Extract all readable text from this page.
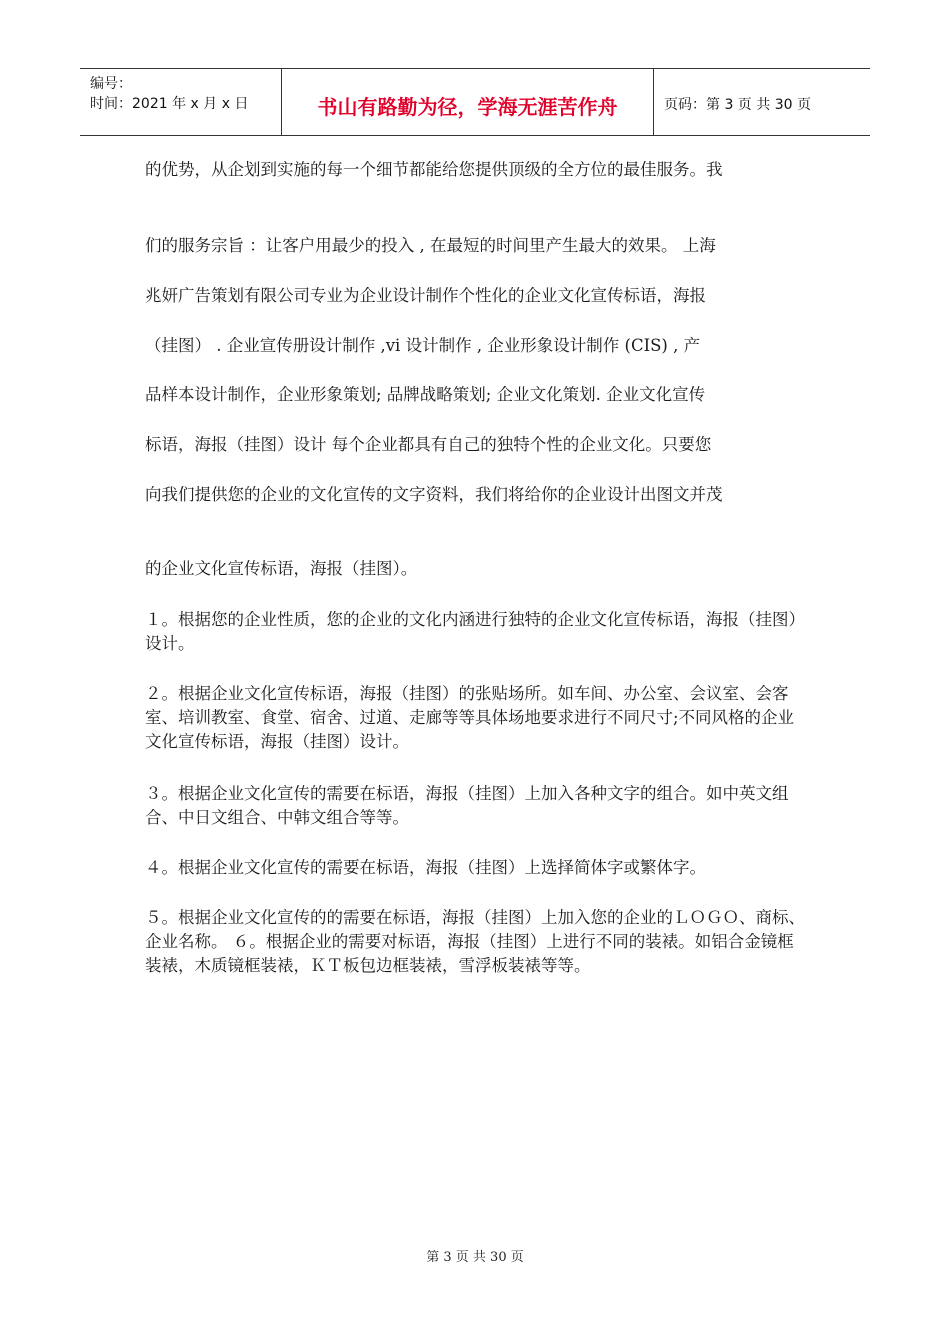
编号：
时间：2021 年 x 月 x 日	书山有路勤为径，学海无涯苦作舟	页码：第 3 页 共 30 页

的优势，从企划到实施的每一个细节都能给您提供顶级的全方位的最佳服务。我

们的服务宗旨 ：让客户用最少的投入 , 在最短的时间里产生最大的效果。 上海

兆妍广告策划有限公司专业为企业设计制作个性化的企业文化宣传标语，海报

（挂图） . 企业宣传册设计制作 ,vi 设计制作 , 企业形象设计制作 (CIS) , 产

品样本设计制作，企业形象策划; 品牌战略策划; 企业文化策划. 企业文化宣传

标语，海报（挂图）设计 每个企业都具有自己的独特个性的企业文化。只要您

向我们提供您的企业的文化宣传的文字资料，我们将给你的企业设计出图文并茂

的企业文化宣传标语，海报（挂图）。

１。根据您的企业性质，您的企业的文化内涵进行独特的企业文化宣传标语，海报（挂图）设计。

２。根据企业文化宣传标语，海报（挂图）的张贴场所。如车间、办公室、会议室、会客室、培训教室、食堂、宿舍、过道、走廊等等具体场地要求进行不同尺寸;不同风格的企业文化宣传标语，海报（挂图）设计。

３。根据企业文化宣传的需要在标语，海报（挂图）上加入各种文字的组合。如中英文组合、中日文组合、中韩文组合等等。

４。根据企业文化宣传的需要在标语，海报（挂图）上选择简体字或繁体字。

５。根据企业文化宣传的的需要在标语，海报（挂图）上加入您的企业的ＬＯＧＯ、商标、企业名称。 ６。根据企业的需要对标语，海报（挂图）上进行不同的装裱。如铝合金镜框装裱，木质镜框装裱，ＫＴ板包边框装裱，雪浮板装裱等等。

第 3 页 共 30 页
